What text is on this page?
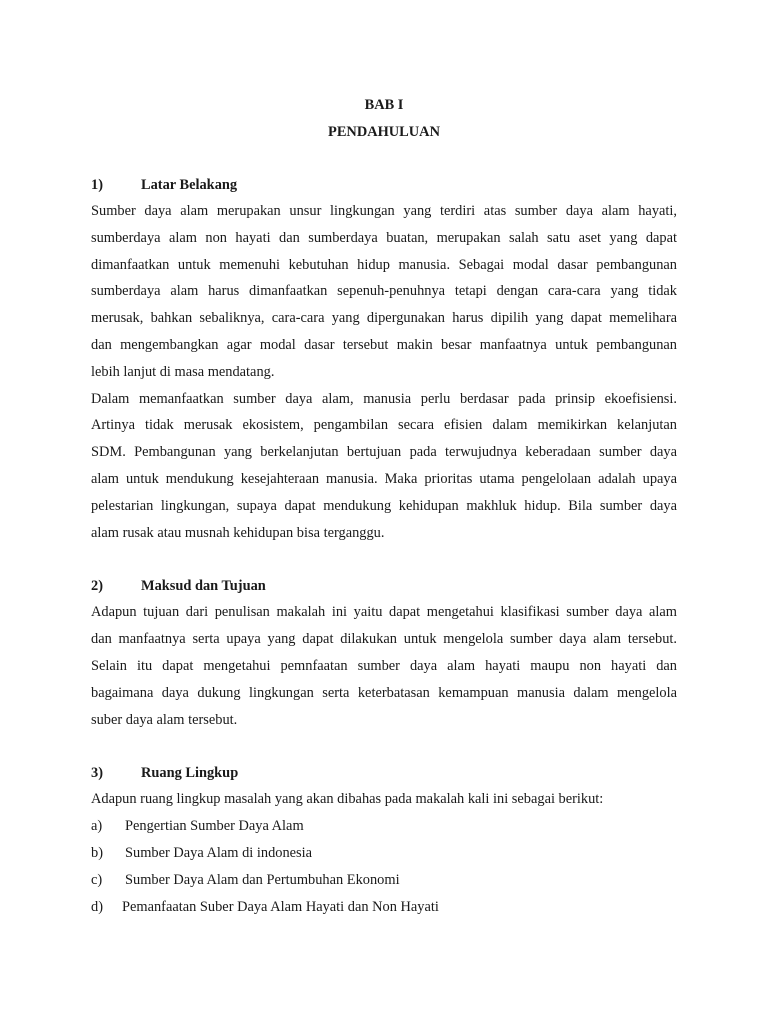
BAB I

PENDAHULUAN

1)	Latar Belakang

Sumber daya alam merupakan unsur lingkungan yang terdiri atas sumber daya alam hayati,
sumberdaya alam non hayati dan sumberdaya buatan, merupakan salah satu aset yang dapat
dimanfaatkan untuk memenuhi kebutuhan hidup manusia. Sebagai modal dasar pembangunan
sumberdaya alam harus dimanfaatkan sepenuh-penuhnya tetapi dengan cara-cara yang tidak
merusak, bahkan sebaliknya, cara-cara yang dipergunakan harus dipilih yang dapat memelihara
dan mengembangkan agar modal dasar tersebut makin besar manfaatnya untuk pembangunan
lebih lanjut di masa mendatang.

Dalam memanfaatkan sumber daya alam, manusia perlu berdasar pada prinsip ekoefisiensi.
Artinya tidak merusak ekosistem, pengambilan secara efisien dalam memikirkan kelanjutan
SDM. Pembangunan yang berkelanjutan bertujuan pada terwujudnya keberadaan sumber daya
alam untuk mendukung kesejahteraan manusia. Maka prioritas utama pengelolaan adalah upaya
pelestarian lingkungan, supaya dapat mendukung kehidupan makhluk hidup. Bila sumber daya
alam rusak atau musnah kehidupan bisa terganggu.

2)	Maksud dan Tujuan

Adapun tujuan dari penulisan makalah ini yaitu dapat mengetahui klasifikasi sumber daya alam
dan manfaatnya serta upaya yang dapat dilakukan untuk mengelola sumber daya alam tersebut.
Selain itu dapat mengetahui pemnfaatan sumber daya alam hayati maupu non hayati dan
bagaimana daya dukung lingkungan serta keterbatasan kemampuan manusia dalam mengelola
suber daya alam tersebut.

3)	Ruang Lingkup

Adapun ruang lingkup masalah yang akan dibahas pada makalah kali ini sebagai berikut:

a)	Pengertian Sumber Daya Alam
b)	Sumber Daya Alam di indonesia
c)	Sumber Daya Alam dan Pertumbuhan Ekonomi
d)	Pemanfaatan Suber Daya Alam Hayati dan Non Hayati
